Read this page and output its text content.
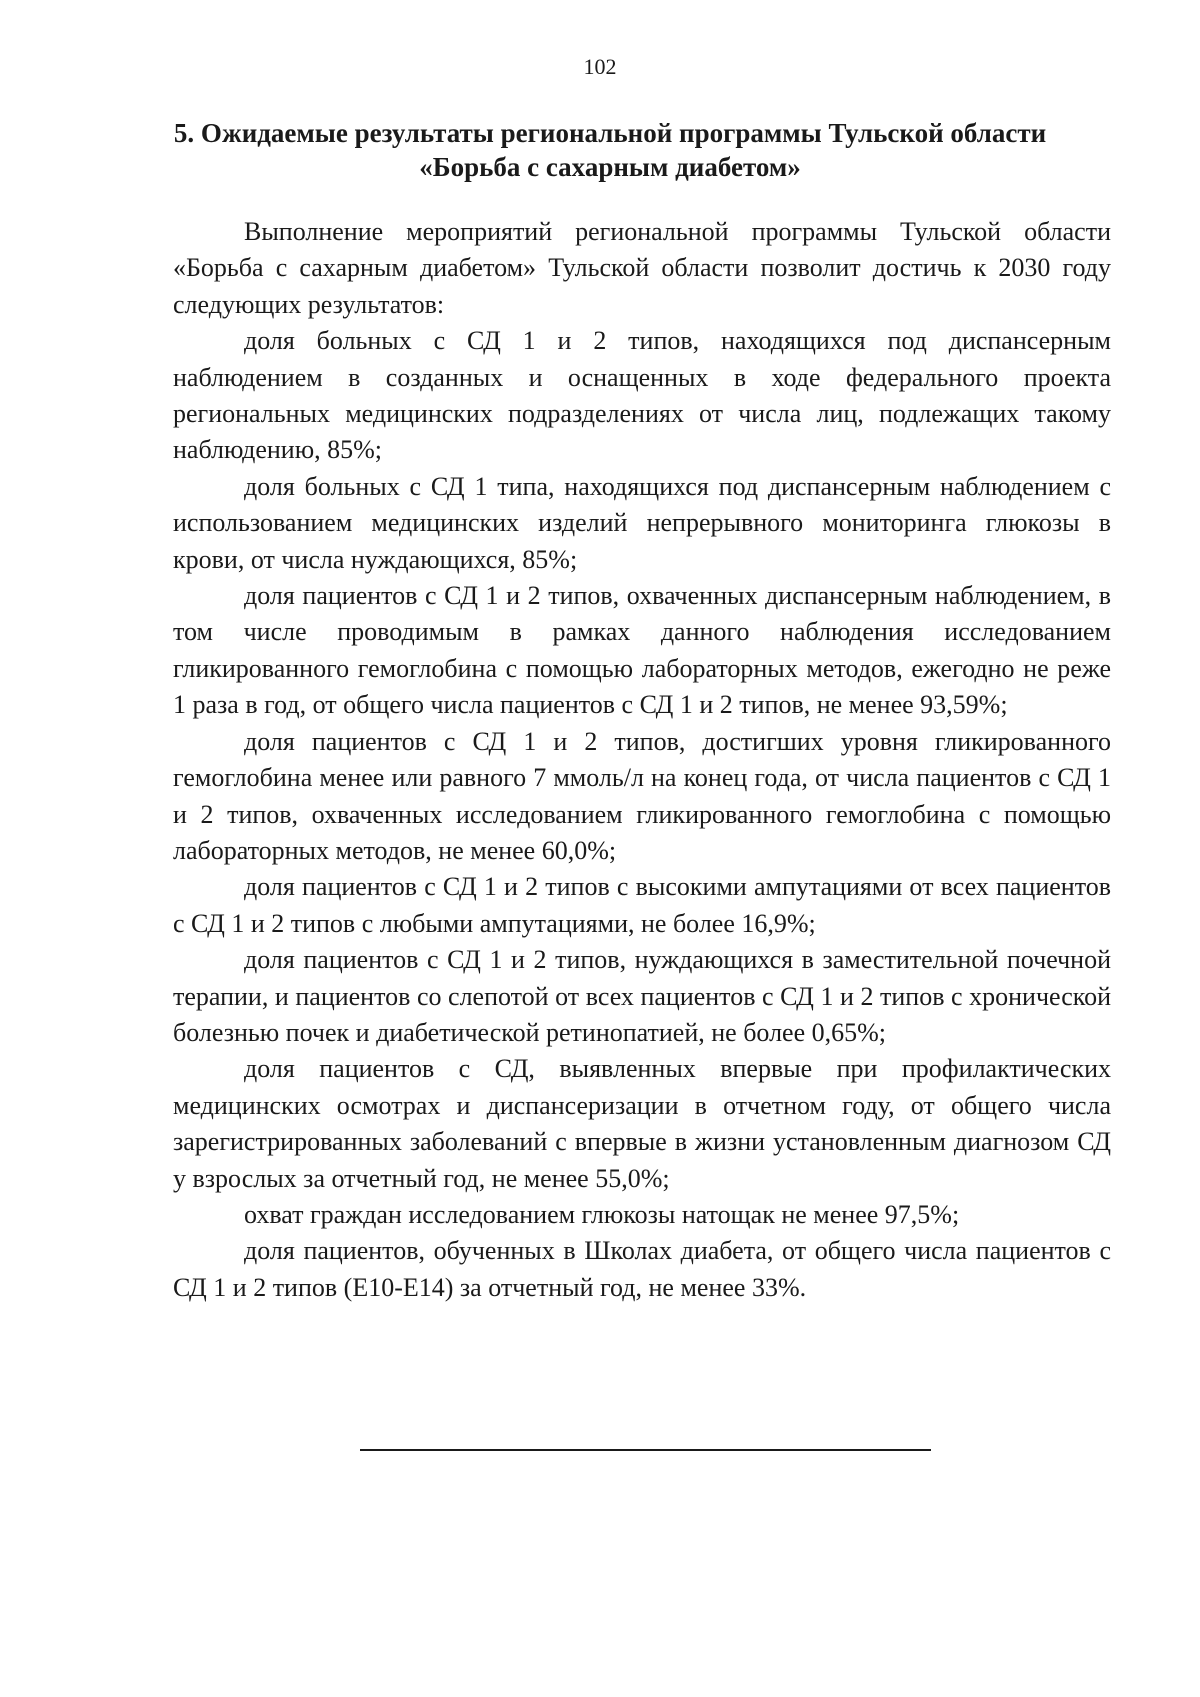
102
5. Ожидаемые результаты региональной программы Тульской области
«Борьба с сахарным диабетом»

Выполнение мероприятий региональной программы Тульской области «Борьба с сахарным диабетом» Тульской области позволит достичь к 2030 году следующих результатов:

доля больных с СД 1 и 2 типов, находящихся под диспансерным наблюдением в созданных и оснащенных в ходе федерального проекта региональных медицинских подразделениях от числа лиц, подлежащих такому наблюдению, 85%;

доля больных с СД 1 типа, находящихся под диспансерным наблюдением с использованием медицинских изделий непрерывного мониторинга глюкозы в крови, от числа нуждающихся, 85%;

доля пациентов с СД 1 и 2 типов, охваченных диспансерным наблюдением, в том числе проводимым в рамках данного наблюдения исследованием гликированного гемоглобина с помощью лабораторных методов, ежегодно не реже 1 раза в год, от общего числа пациентов с СД 1 и 2 типов, не менее 93,59%;

доля пациентов с СД 1 и 2 типов, достигших уровня гликированного гемоглобина менее или равного 7 ммоль/л на конец года, от числа пациентов с СД 1 и 2 типов, охваченных исследованием гликированного гемоглобина с помощью лабораторных методов, не менее 60,0%;

доля пациентов с СД 1 и 2 типов с высокими ампутациями от всех пациентов с СД 1 и 2 типов с любыми ампутациями, не более 16,9%;

доля пациентов с СД 1 и 2 типов, нуждающихся в заместительной почечной терапии, и пациентов со слепотой от всех пациентов с СД 1 и 2 типов с хронической болезнью почек и диабетической ретинопатией, не более 0,65%;

доля пациентов с СД, выявленных впервые при профилактических медицинских осмотрах и диспансеризации в отчетном году, от общего числа зарегистрированных заболеваний с впервые в жизни установленным диагнозом СД у взрослых за отчетный год, не менее 55,0%;

охват граждан исследованием глюкозы натощак не менее 97,5%;

доля пациентов, обученных в Школах диабета, от общего числа пациентов с СД 1 и 2 типов (Е10-Е14) за отчетный год, не менее 33%.
